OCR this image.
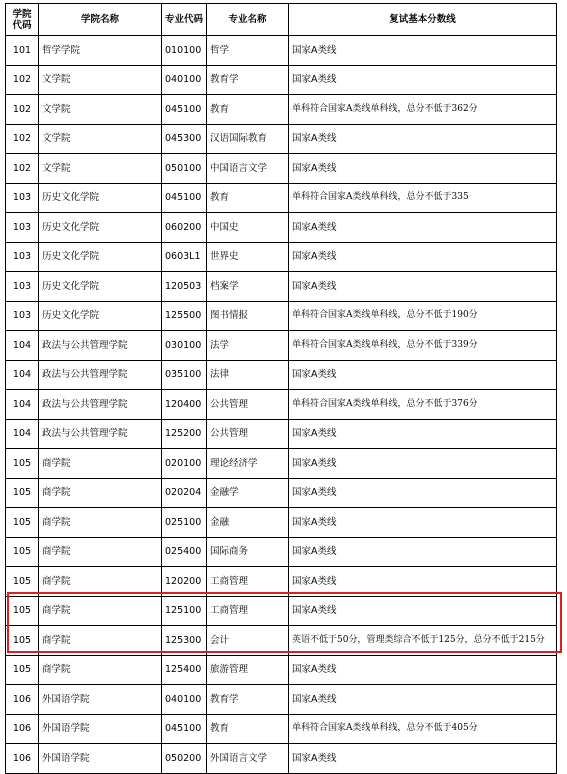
学院代码	学院名称	专业代码	专业名称	复试基本分数线
101	哲学学院	010100	哲学	国家A类线
102	文学院	040100	教育学	国家A类线
102	文学院	045100	教育	单科符合国家A类线单科线，总分不低于362分
102	文学院	045300	汉语国际教育	国家A类线
102	文学院	050100	中国语言文学	国家A类线
103	历史文化学院	045100	教育	单科符合国家A类线单科线，总分不低于335
103	历史文化学院	060200	中国史	国家A类线
103	历史文化学院	0603L1	世界史	国家A类线
103	历史文化学院	120503	档案学	国家A类线
103	历史文化学院	125500	图书情报	单科符合国家A类线单科线，总分不低于190分
104	政法与公共管理学院	030100	法学	单科符合国家A类线单科线，总分不低于339分
104	政法与公共管理学院	035100	法律	国家A类线
104	政法与公共管理学院	120400	公共管理	单科符合国家A类线单科线，总分不低于376分
104	政法与公共管理学院	125200	公共管理	国家A类线
105	商学院	020100	理论经济学	国家A类线
105	商学院	020204	金融学	国家A类线
105	商学院	025100	金融	国家A类线
105	商学院	025400	国际商务	国家A类线
105	商学院	120200	工商管理	国家A类线
105	商学院	125100	工商管理	国家A类线
105	商学院	125300	会计	英语不低于50分，管理类综合不低于125分，总分不低于215分
105	商学院	125400	旅游管理	国家A类线
106	外国语学院	040100	教育学	国家A类线
106	外国语学院	045100	教育	单科符合国家A类线单科线，总分不低于405分
106	外国语学院	050200	外国语言文学	国家A类线
